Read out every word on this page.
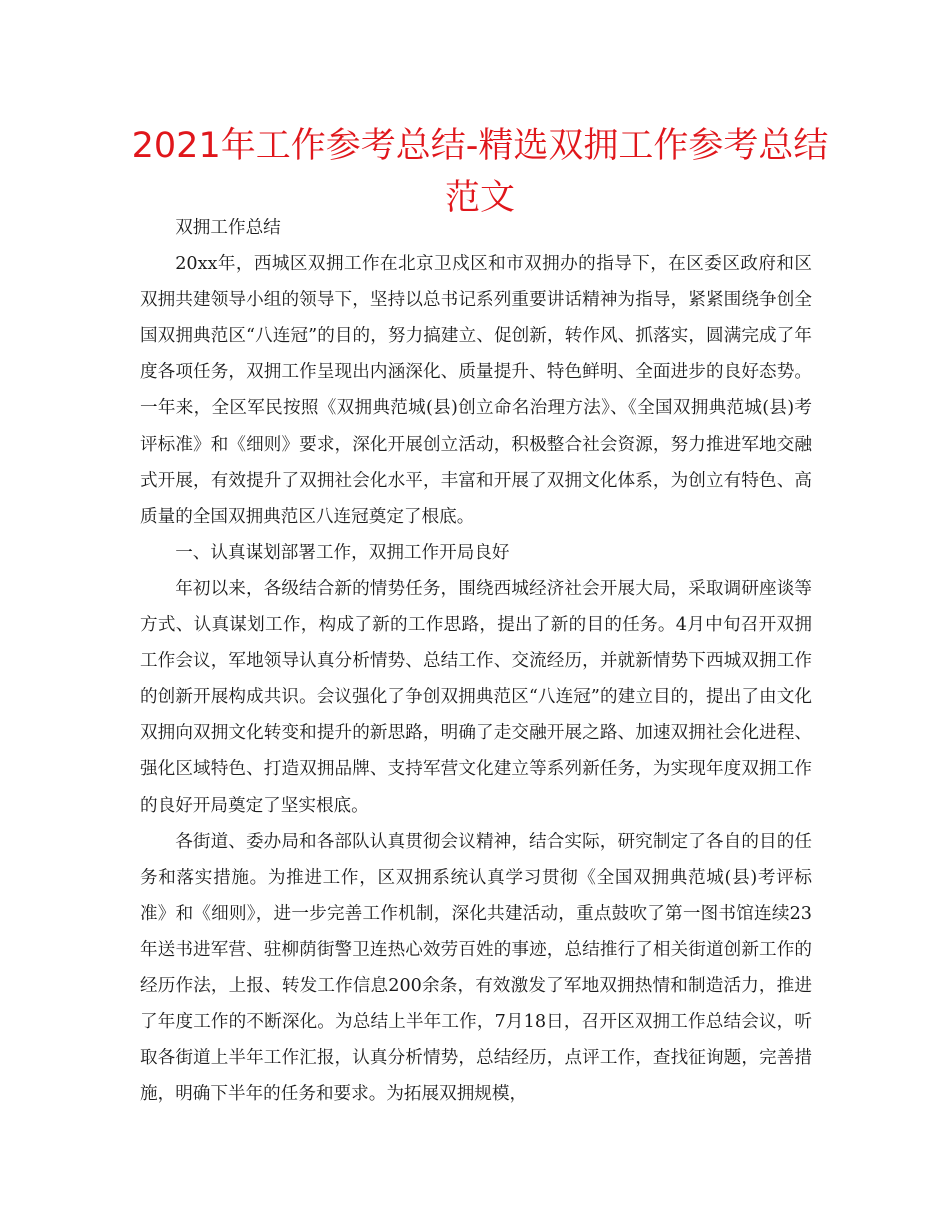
2021年工作参考总结-精选双拥工作参考总结范文

双拥工作总结

20xx年，西城区双拥工作在北京卫戍区和市双拥办的指导下，在区委区政府和区双拥共建领导小组的领导下，坚持以总书记系列重要讲话精神为指导，紧紧围绕争创全国双拥典范区“八连冠”的目的，努力搞建立、促创新，转作风、抓落实，圆满完成了年度各项任务，双拥工作呈现出内涵深化、质量提升、特色鲜明、全面进步的良好态势。一年来，全区军民按照《双拥典范城(县)创立命名治理方法》、《全国双拥典范城(县)考评标准》和《细则》要求，深化开展创立活动，积极整合社会资源，努力推进军地交融式开展，有效提升了双拥社会化水平，丰富和开展了双拥文化体系，为创立有特色、高质量的全国双拥典范区八连冠奠定了根底。

一、认真谋划部署工作，双拥工作开局良好

年初以来，各级结合新的情势任务，围绕西城经济社会开展大局，采取调研座谈等方式、认真谋划工作，构成了新的工作思路，提出了新的目的任务。4月中旬召开双拥工作会议，军地领导认真分析情势、总结工作、交流经历，并就新情势下西城双拥工作的创新开展构成共识。会议强化了争创双拥典范区“八连冠”的建立目的，提出了由文化双拥向双拥文化转变和提升的新思路，明确了走交融开展之路、加速双拥社会化进程、强化区域特色、打造双拥品牌、支持军营文化建立等系列新任务，为实现年度双拥工作的良好开局奠定了坚实根底。

各街道、委办局和各部队认真贯彻会议精神，结合实际，研究制定了各自的目的任务和落实措施。为推进工作，区双拥系统认真学习贯彻《全国双拥典范城(县)考评标准》和《细则》，进一步完善工作机制，深化共建活动，重点鼓吹了第一图书馆连续23年送书进军营、驻柳荫街警卫连热心效劳百姓的事迹，总结推行了相关街道创新工作的经历作法，上报、转发工作信息200余条，有效激发了军地双拥热情和制造活力，推进了年度工作的不断深化。为总结上半年工作，7月18日，召开区双拥工作总结会议，听取各街道上半年工作汇报，认真分析情势，总结经历，点评工作，查找征询题，完善措施，明确下半年的任务和要求。为拓展双拥规模，
